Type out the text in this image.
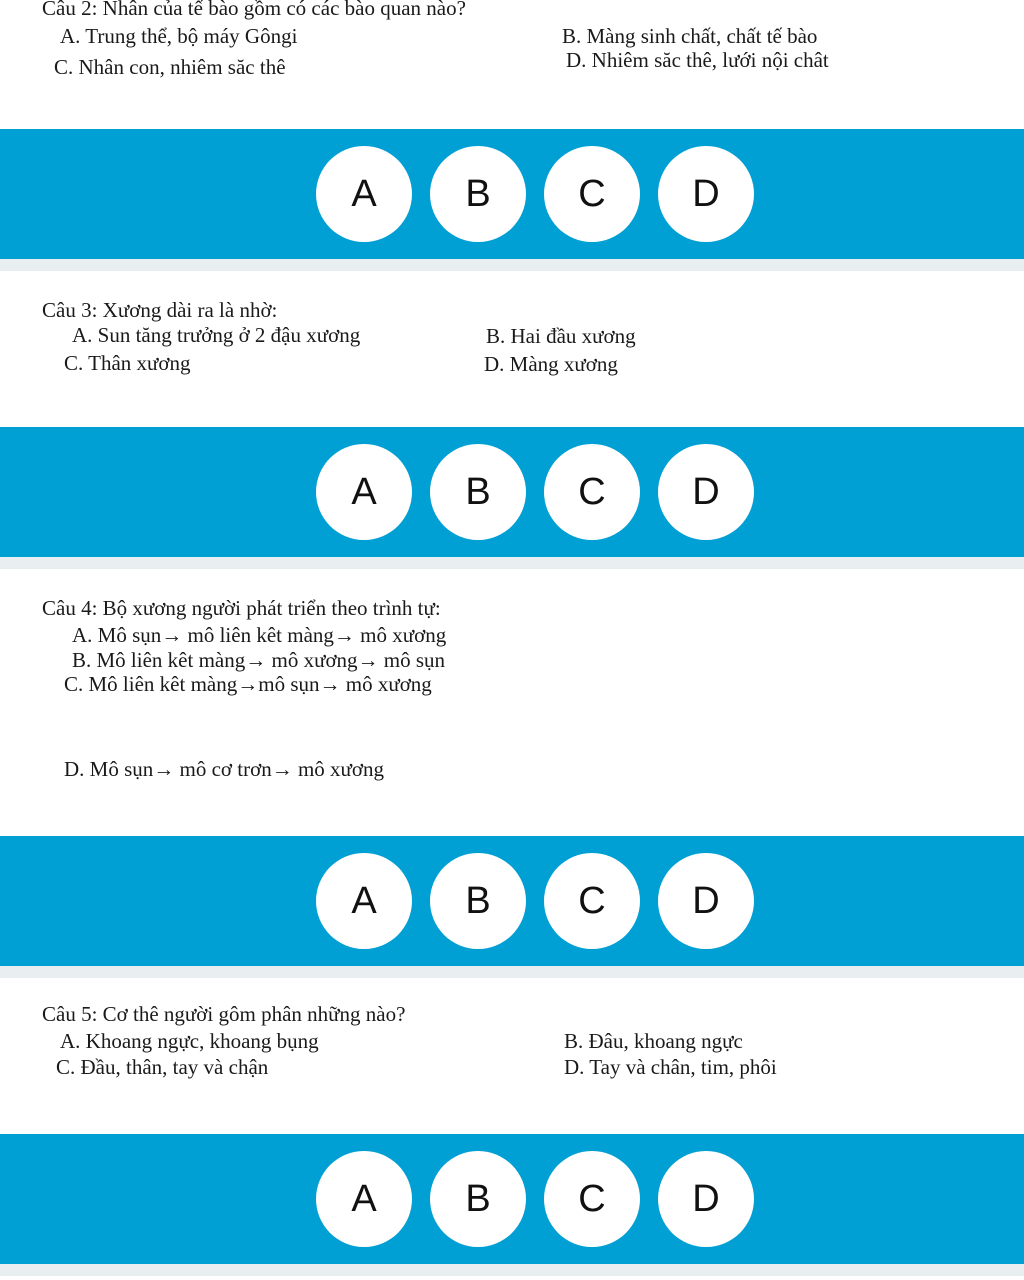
Câu 2: Nhân của tế bào gồm có các bào quan nào?
A. Trung thể, bộ máy Gôngi	B. Màng sinh chất, chất tế bào
C. Nhân con, nhiêm săc thê	D. Nhiêm săc thê, lưới nội chât
A	B	C	D
Câu 3: Xương dài ra là nhờ:
A. Sun tăng trưởng ở 2 đậu xương	B. Hai đầu xương
C. Thân xương	D. Màng xương
A	B	C	D
Câu 4: Bộ xương người phát triển theo trình tự:
A. Mô sụn→ mô liên kêt màng→ mô xương
B. Mô liên kêt màng→ mô xương→ mô sụn
C. Mô liên kêt màng→mô sụn→ mô xương
D. Mô sụn→ mô cơ trơn→ mô xương
A	B	C	D
Câu 5: Cơ thê người gôm phân những nào?
A. Khoang ngực, khoang bụng	B. Đâu, khoang ngực
C. Đầu, thân, tay và chận	D. Tay và chân, tim, phôi
A	B	C	D
